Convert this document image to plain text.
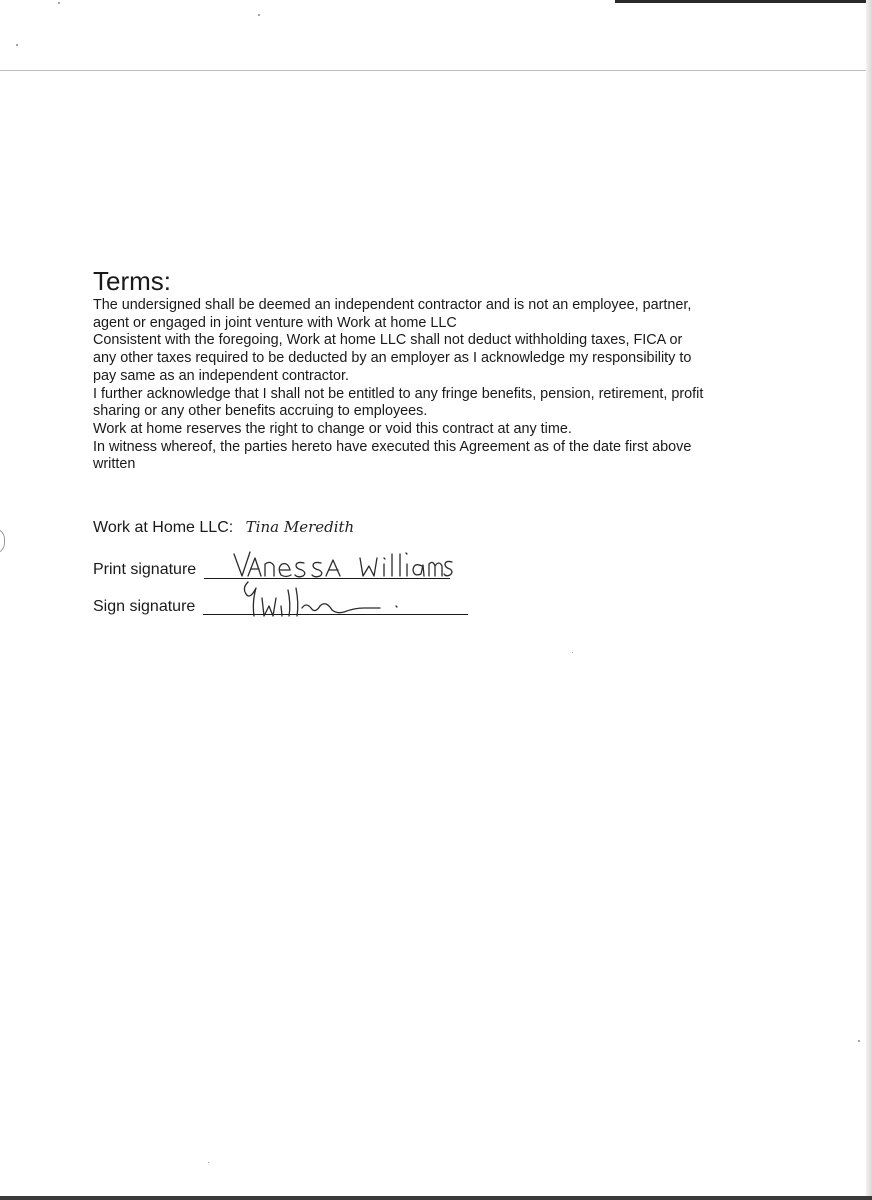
Terms:
The undersigned shall be deemed an independent contractor and is not an employee, partner,
agent or engaged in joint venture with Work at home LLC
Consistent with the foregoing, Work at home LLC shall not deduct withholding taxes, FICA or
any other taxes required to be deducted by an employer as I acknowledge my responsibility to
pay same as an independent contractor.
I further acknowledge that I shall not be entitled to any fringe benefits, pension, retirement, profit
sharing or any other benefits accruing to employees.
Work at home reserves the right to change or void this contract at any time.
In witness whereof, the parties hereto have executed this Agreement as of the date first above
written
Work at Home LLC: Tina Meredith
Print signature
Sign signature
